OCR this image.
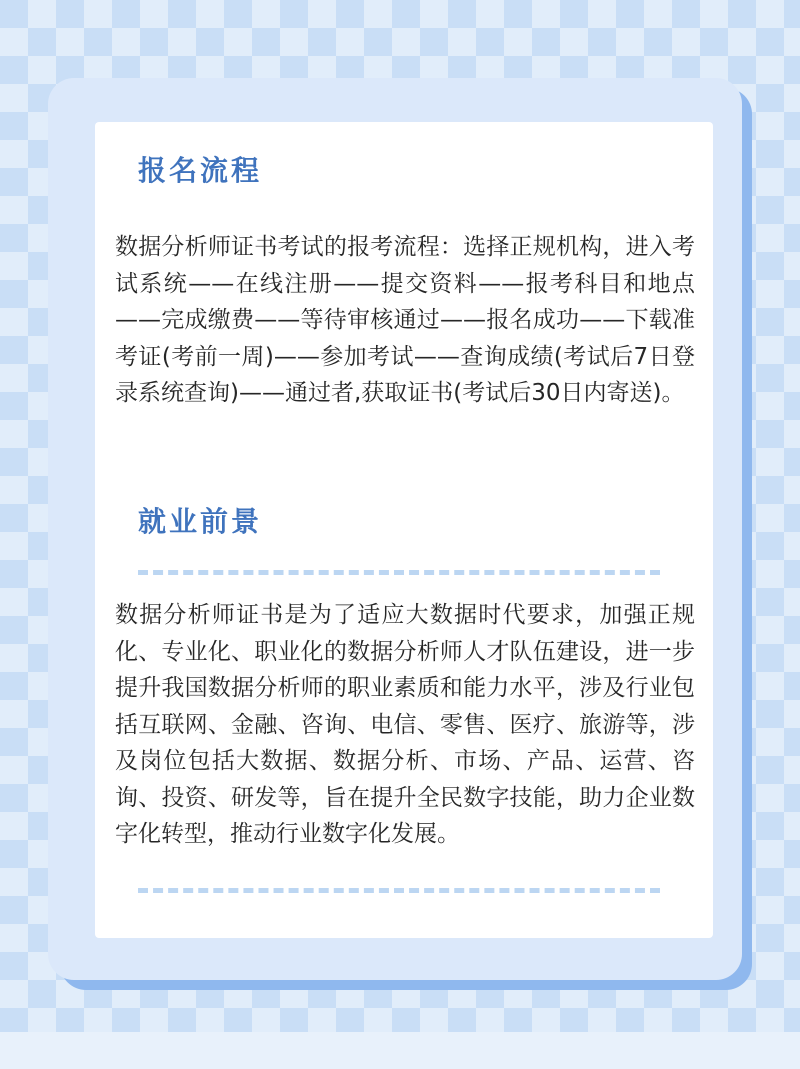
报名流程

数据分析师证书考试的报考流程：选择正规机构，进入考试系统——在线注册——提交资料——报考科目和地点——完成缴费——等待审核通过——报名成功——下载准考证(考前一周)——参加考试——查询成绩(考试后7日登录系统查询)——通过者,获取证书(考试后30日内寄送)。

就业前景

数据分析师证书是为了适应大数据时代要求，加强正规化、专业化、职业化的数据分析师人才队伍建设，进一步提升我国数据分析师的职业素质和能力水平，涉及行业包括互联网、金融、咨询、电信、零售、医疗、旅游等，涉及岗位包括大数据、数据分析、市场、产品、运营、咨询、投资、研发等，旨在提升全民数字技能，助力企业数字化转型，推动行业数字化发展。
